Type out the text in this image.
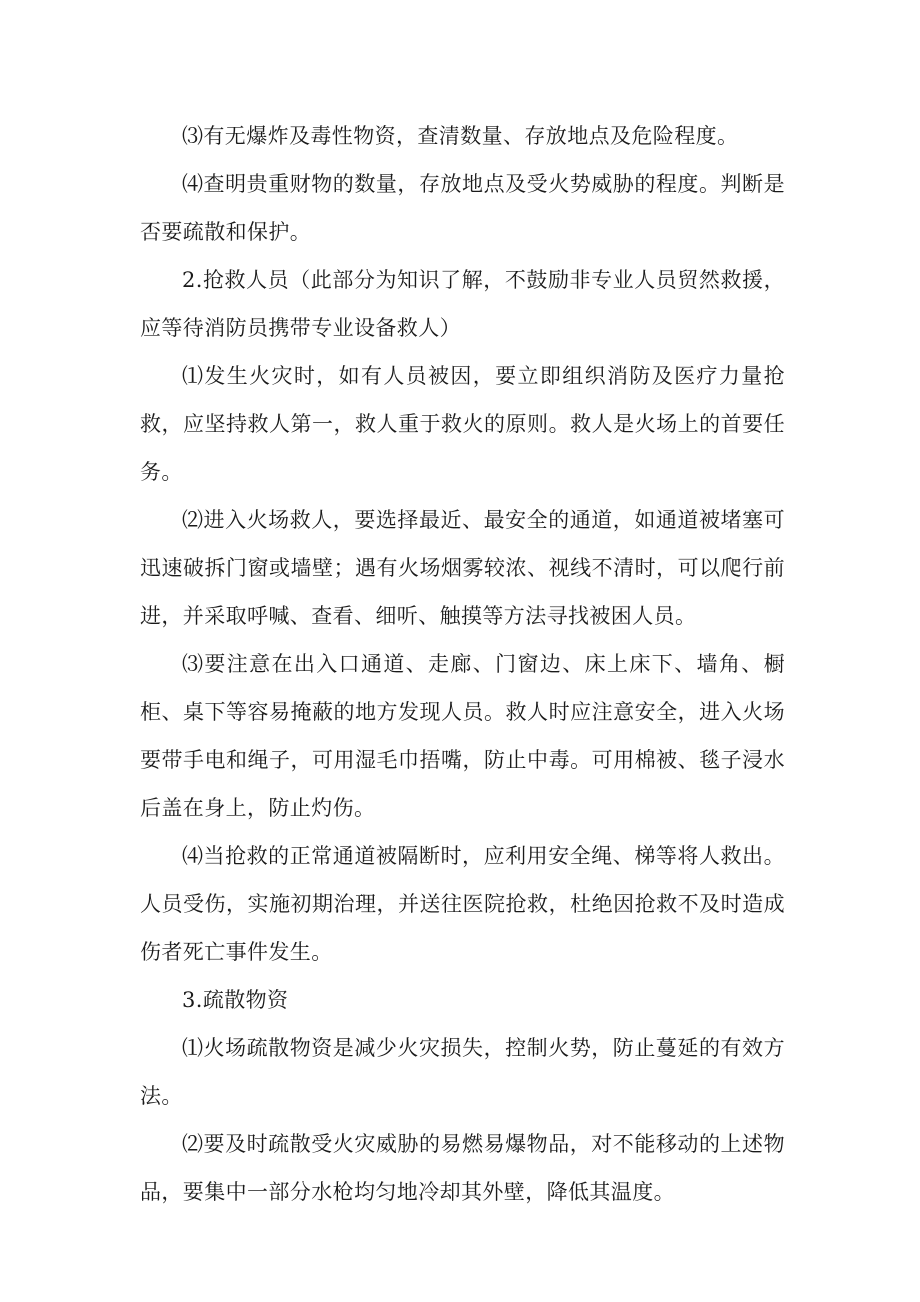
⑶有无爆炸及毒性物资，查清数量、存放地点及危险程度。

⑷查明贵重财物的数量，存放地点及受火势威胁的程度。判断是否要疏散和保护。

2.抢救人员（此部分为知识了解，不鼓励非专业人员贸然救援，应等待消防员携带专业设备救人）

⑴发生火灾时，如有人员被因，要立即组织消防及医疗力量抢救，应坚持救人第一，救人重于救火的原则。救人是火场上的首要任务。

⑵进入火场救人，要选择最近、最安全的通道，如通道被堵塞可迅速破拆门窗或墙壁；遇有火场烟雾较浓、视线不清时，可以爬行前进，并采取呼喊、查看、细听、触摸等方法寻找被困人员。

⑶要注意在出入口通道、走廊、门窗边、床上床下、墙角、橱柜、桌下等容易掩蔽的地方发现人员。救人时应注意安全，进入火场要带手电和绳子，可用湿毛巾捂嘴，防止中毒。可用棉被、毯子浸水后盖在身上，防止灼伤。

⑷当抢救的正常通道被隔断时，应利用安全绳、梯等将人救出。人员受伤，实施初期治理，并送往医院抢救，杜绝因抢救不及时造成伤者死亡事件发生。

3.疏散物资

⑴火场疏散物资是减少火灾损失，控制火势，防止蔓延的有效方法。

⑵要及时疏散受火灾威胁的易燃易爆物品，对不能移动的上述物品，要集中一部分水枪均匀地冷却其外壁，降低其温度。
